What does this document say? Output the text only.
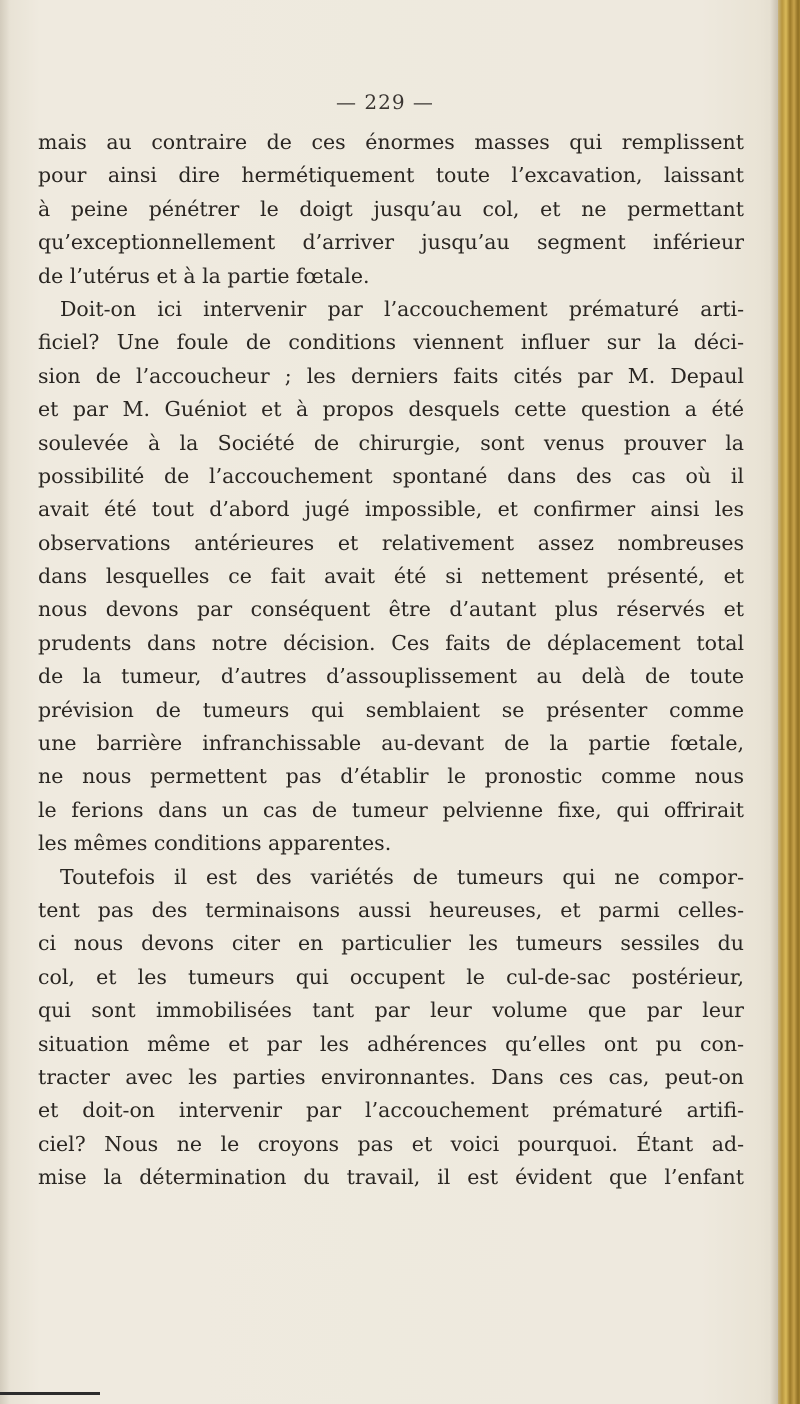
— 229 —
mais au contraire de ces énormes masses qui remplissent
pour ainsi dire hermétiquement toute l’excavation, laissant
à peine pénétrer le doigt jusqu’au col, et ne permettant
qu’exceptionnellement d’arriver jusqu’au segment inférieur
de l’utérus et à la partie fœtale.
Doit-on ici intervenir par l’accouchement prématuré arti-
ficiel? Une foule de conditions viennent influer sur la déci-
sion de l’accoucheur ; les derniers faits cités par M. Depaul
et par M. Guéniot et à propos desquels cette question a été
soulevée à la Société de chirurgie, sont venus prouver la
possibilité de l’accouchement spontané dans des cas où il
avait été tout d’abord jugé impossible, et confirmer ainsi les
observations antérieures et relativement assez nombreuses
dans lesquelles ce fait avait été si nettement présenté, et
nous devons par conséquent être d’autant plus réservés et
prudents dans notre décision. Ces faits de déplacement total
de la tumeur, d’autres d’assouplissement au delà de toute
prévision de tumeurs qui semblaient se présenter comme
une barrière infranchissable au-devant de la partie fœtale,
ne nous permettent pas d’établir le pronostic comme nous
le ferions dans un cas de tumeur pelvienne fixe, qui offrirait
les mêmes conditions apparentes.
Toutefois il est des variétés de tumeurs qui ne compor-
tent pas des terminaisons aussi heureuses, et parmi celles-
ci nous devons citer en particulier les tumeurs sessiles du
col, et les tumeurs qui occupent le cul-de-sac postérieur,
qui sont immobilisées tant par leur volume que par leur
situation même et par les adhérences qu’elles ont pu con-
tracter avec les parties environnantes. Dans ces cas, peut-on
et doit-on intervenir par l’accouchement prématuré artifi-
ciel? Nous ne le croyons pas et voici pourquoi. Étant ad-
mise la détermination du travail, il est évident que l’enfant
